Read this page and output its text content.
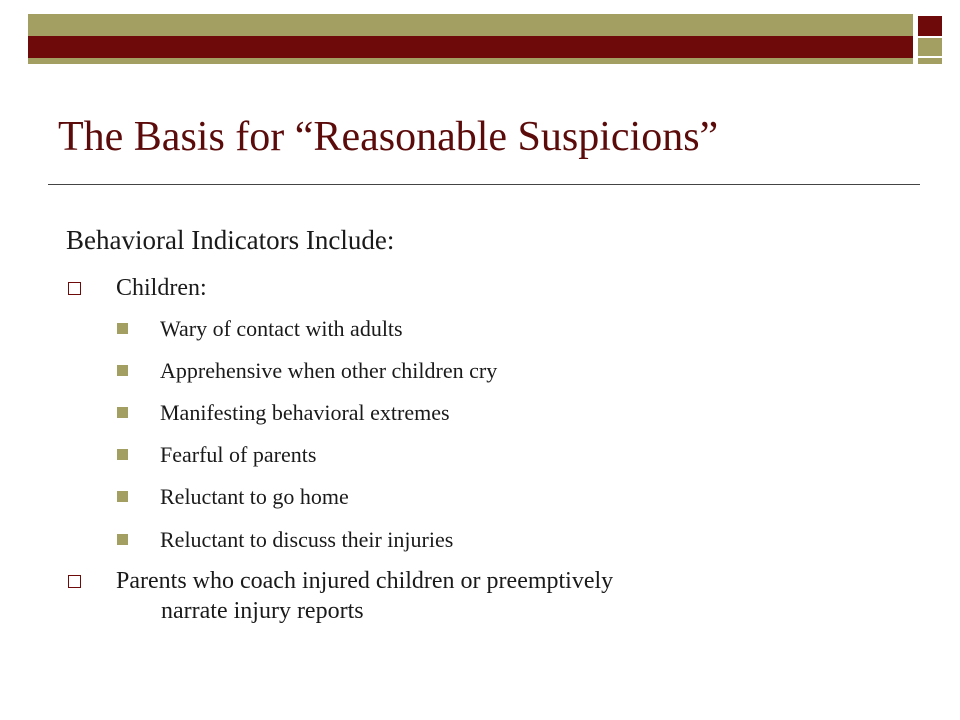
The Basis for “Reasonable Suspicions”
Behavioral Indicators Include:
Children:
Wary of contact with adults
Apprehensive when other children cry
Manifesting behavioral extremes
Fearful of parents
Reluctant to go home
Reluctant to discuss their injuries
Parents who coach injured children or preemptively
narrate injury reports
